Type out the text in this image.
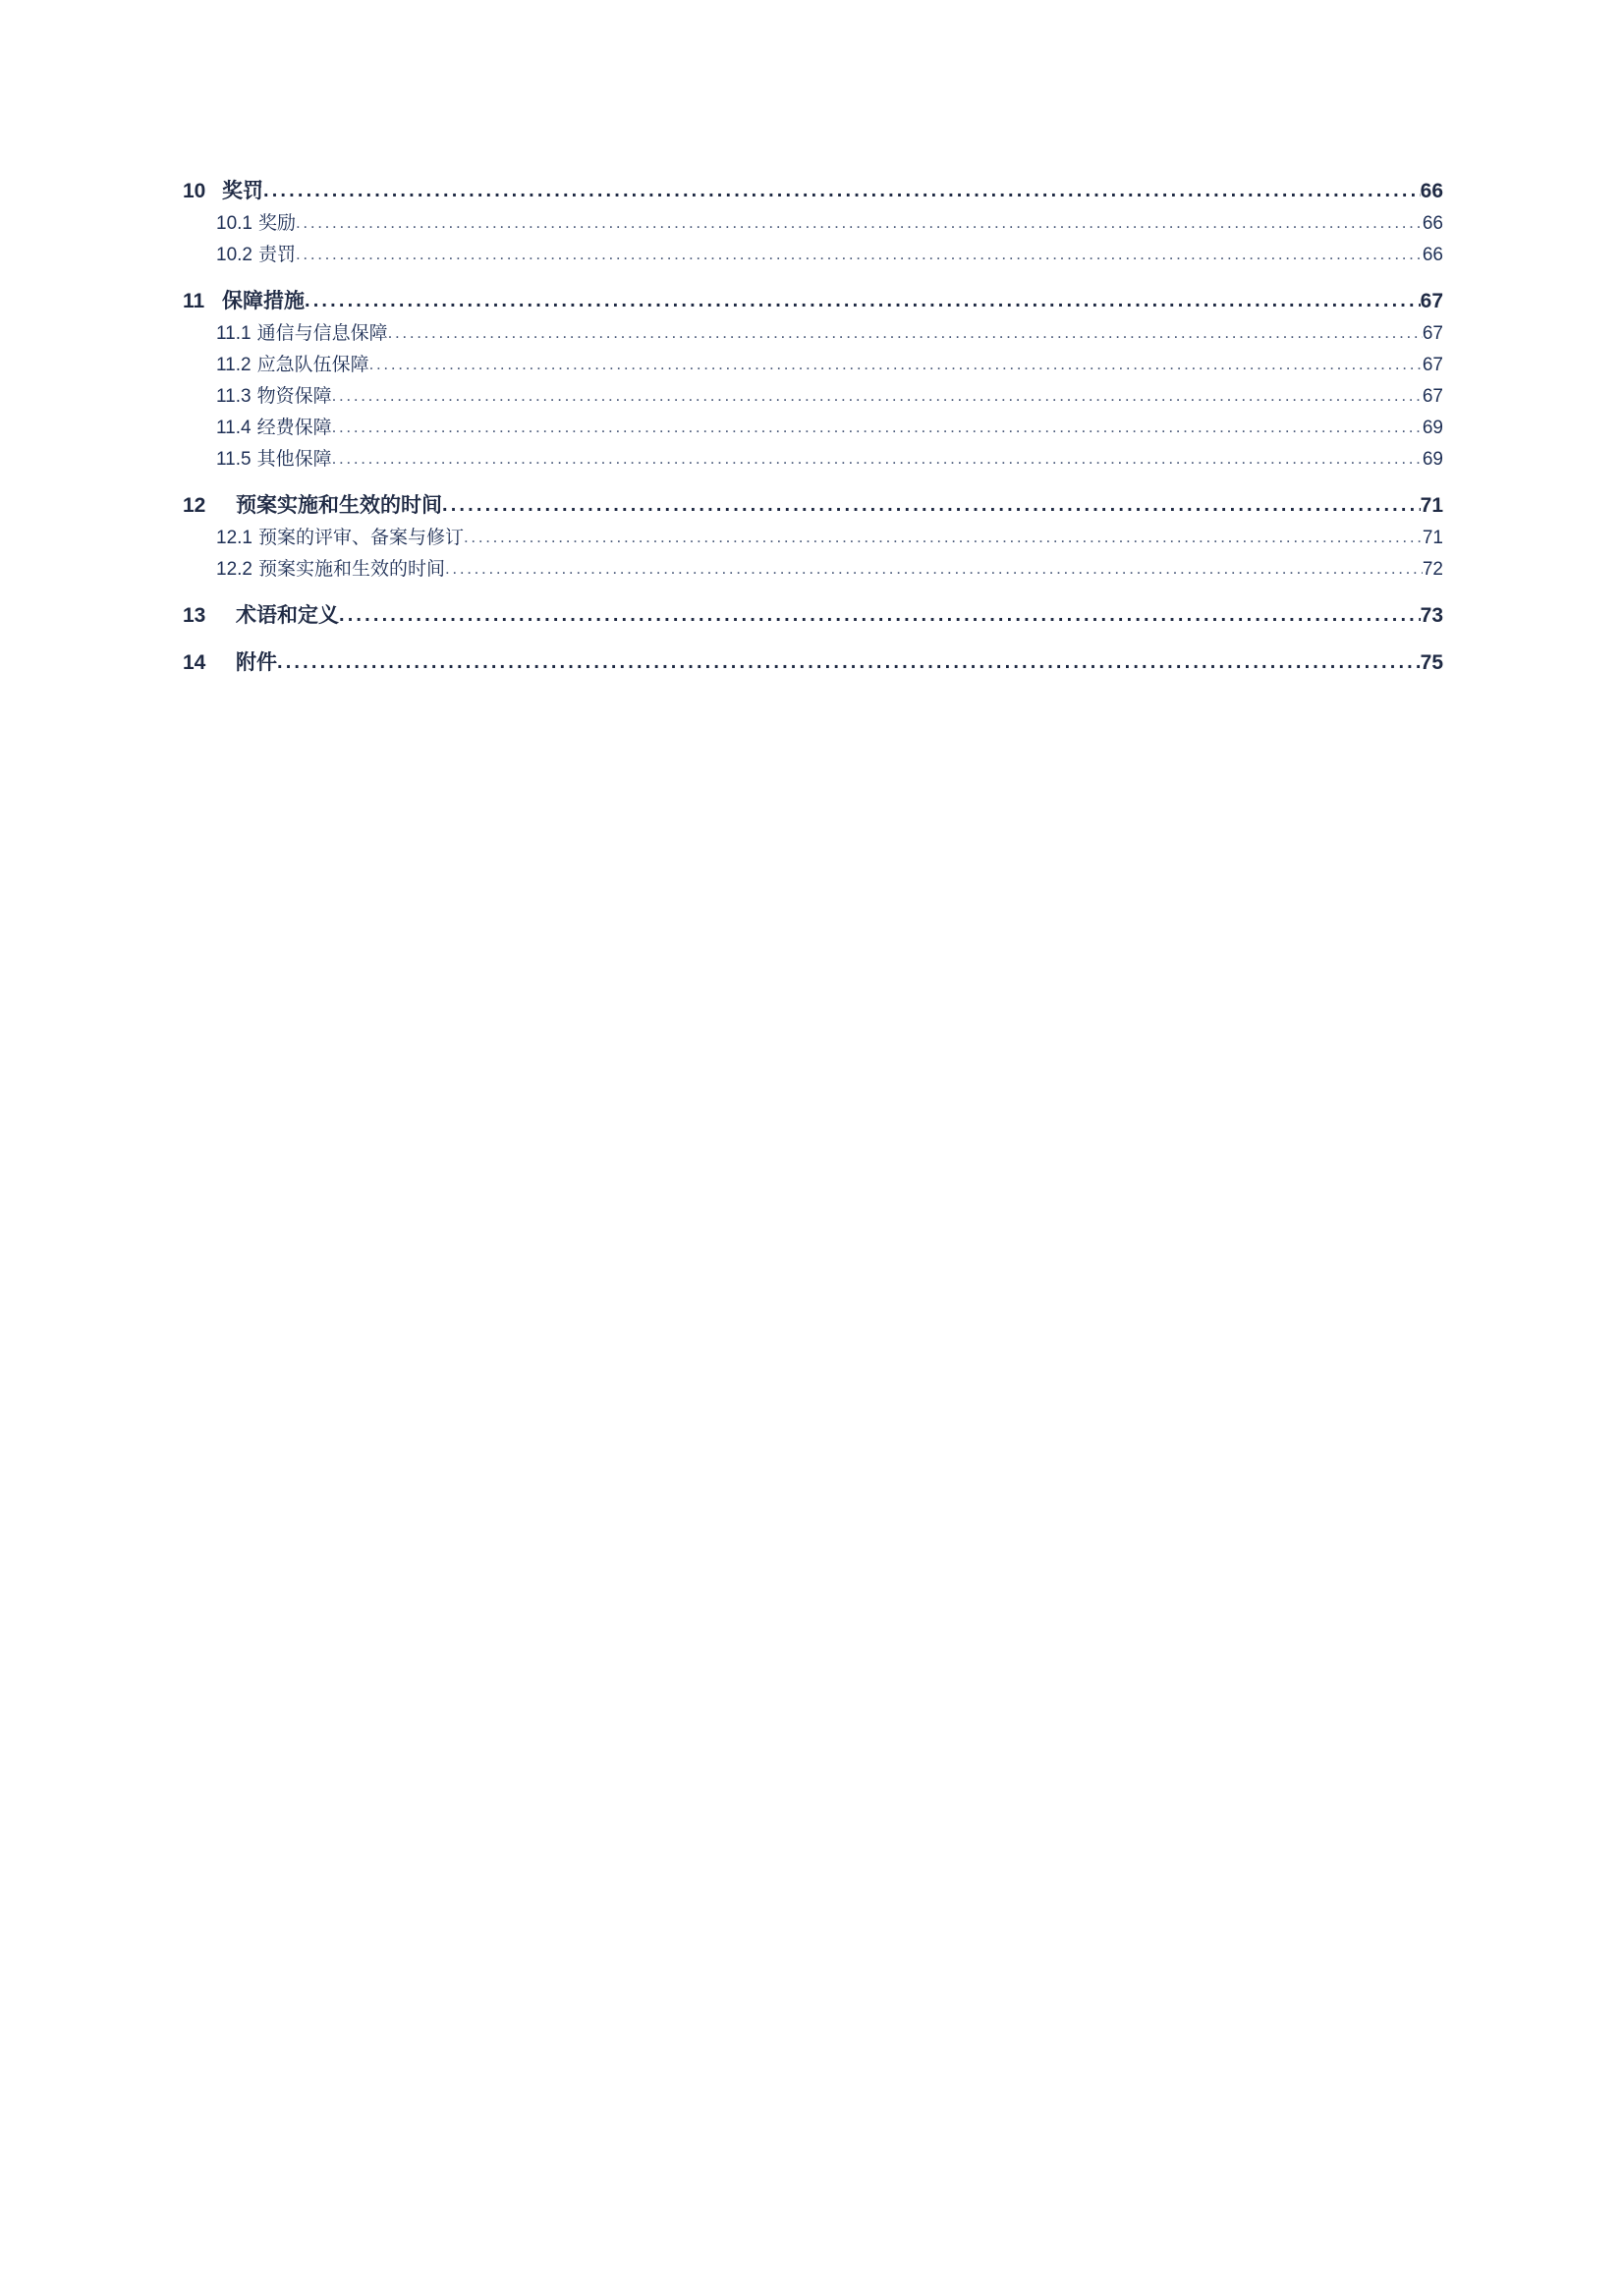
10 奖罚 . . .	66
10.1 奖励 . . .	66
10.2 责罚 . . .	66
11 保障措施 . . .	67
11.1 通信与信息保障 . . .	67
11.2 应急队伍保障 . . .	67
11.3 物资保障 . . .	67
11.4 经费保障 . . .	69
11.5 其他保障 . . .	69
12 预案实施和生效的时间 . . .	71
12.1 预案的评审、备案与修订 . . .	71
12.2 预案实施和生效的时间 . . .	72
13 术语和定义 . . .	73
14 附件 . . .	75
